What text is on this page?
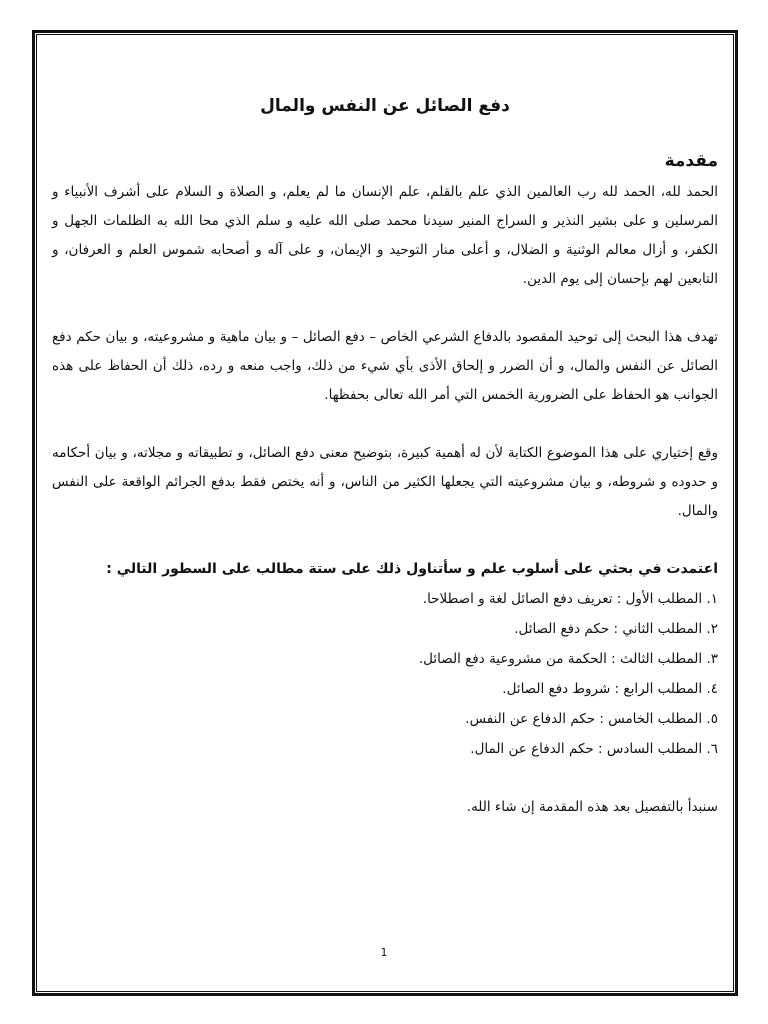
دفع الصائل عن النفس والمال
مقدمة

الحمد لله، الحمد لله رب العالمين الذي علم بالقلم، علم الإنسان ما لم يعلم، و الصلاة و السلام على أشرف الأنبياء و المرسلين و على بشير النذير و السراج المنير سيدنا محمد صلى الله عليه و سلم الذي محا الله به الظلمات الجهل و الكفر، و أزال معالم الوثنية و الضلال، و أعلى منار التوحيد و الإيمان، و على آله و أصحابه شموس العلم و العرفان، و التابعين لهم بإحسان إلى يوم الدين.

تهدف هذا البحث إلى توحيد المقصود بالدفاع الشرعي الخاص – دفع الصائل – و بيان ماهية و مشروعيته، و بيان حكم دفع الصائل عن النفس والمال، و أن الضرر و إلحاق الأذى بأي شيء من ذلك، واجب منعه و رده، ذلك أن الحفاظ على هذه الجوانب هو الحفاظ على الضرورية الخمس التي أمر الله تعالى بحفظها.

وقع إختياري على هذا الموضوع الكتابة لأن له أهمية كبيرة، بتوضيح معنى دفع الصائل، و تطبيقاته و مجلاته، و بيان أحكامه و حدوده و شروطه، و بيان مشروعيته التي يجعلها الكثير من الناس، و أنه يختص فقط بدفع الجرائم الواقعة على النفس والمال.

اعتمدت في بحثي على أسلوب علم و سأتناول ذلك على ستة مطالب على السطور التالي :

١. المطلب الأول : تعريف دفع الصائل لغة و اصطلاحا.
٢. المطلب الثاني : حكم دفع الصائل.
٣. المطلب الثالث : الحكمة من مشروعية دفع الصائل.
٤. المطلب الرابع : شروط دفع الصائل.
٥. المطلب الخامس : حكم الدفاع عن النفس.
٦. المطلب السادس : حكم الدفاع عن المال.

سنبدأ بالتفصيل بعد هذه المقدمة إن شاء الله.

1
